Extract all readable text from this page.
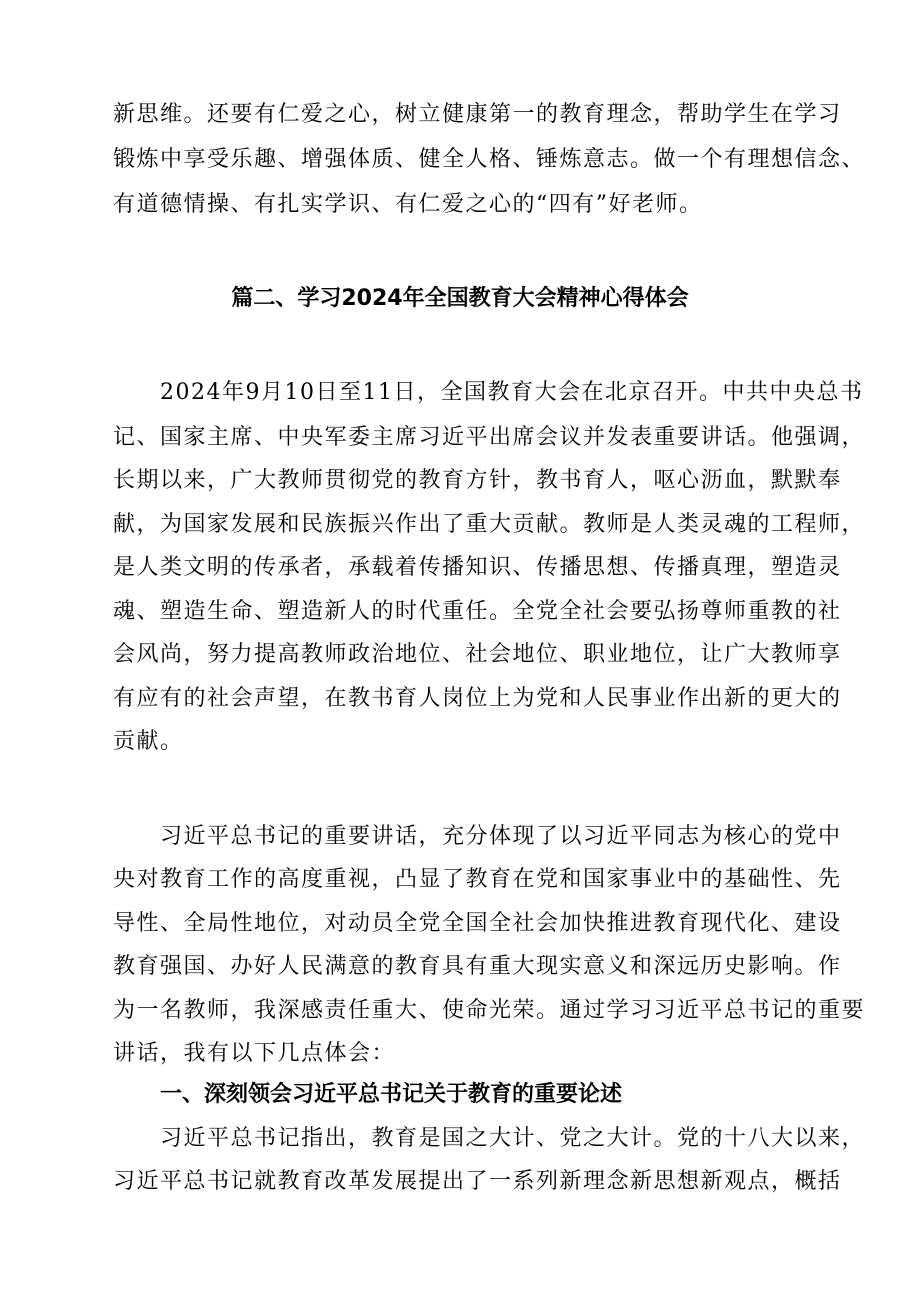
新思维。还要有仁爱之心，树立健康第一的教育理念，帮助学生在学习
锻炼中享受乐趣、增强体质、健全人格、锤炼意志。做一个有理想信念、
有道德情操、有扎实学识、有仁爱之心的“四有”好老师。
篇二、学习2024年全国教育大会精神心得体会
2024年9月10日至11日，全国教育大会在北京召开。中共中央总书
记、国家主席、中央军委主席习近平出席会议并发表重要讲话。他强调，
长期以来，广大教师贯彻党的教育方针，教书育人，呕心沥血，默默奉
献，为国家发展和民族振兴作出了重大贡献。教师是人类灵魂的工程师，
是人类文明的传承者，承载着传播知识、传播思想、传播真理，塑造灵
魂、塑造生命、塑造新人的时代重任。全党全社会要弘扬尊师重教的社
会风尚，努力提高教师政治地位、社会地位、职业地位，让广大教师享
有应有的社会声望，在教书育人岗位上为党和人民事业作出新的更大的
贡献。
习近平总书记的重要讲话，充分体现了以习近平同志为核心的党中
央对教育工作的高度重视，凸显了教育在党和国家事业中的基础性、先
导性、全局性地位，对动员全党全国全社会加快推进教育现代化、建设
教育强国、办好人民满意的教育具有重大现实意义和深远历史影响。作
为一名教师，我深感责任重大、使命光荣。通过学习习近平总书记的重要
讲话，我有以下几点体会：
一、深刻领会习近平总书记关于教育的重要论述
习近平总书记指出，教育是国之大计、党之大计。党的十八大以来，
习近平总书记就教育改革发展提出了一系列新理念新思想新观点，概括
